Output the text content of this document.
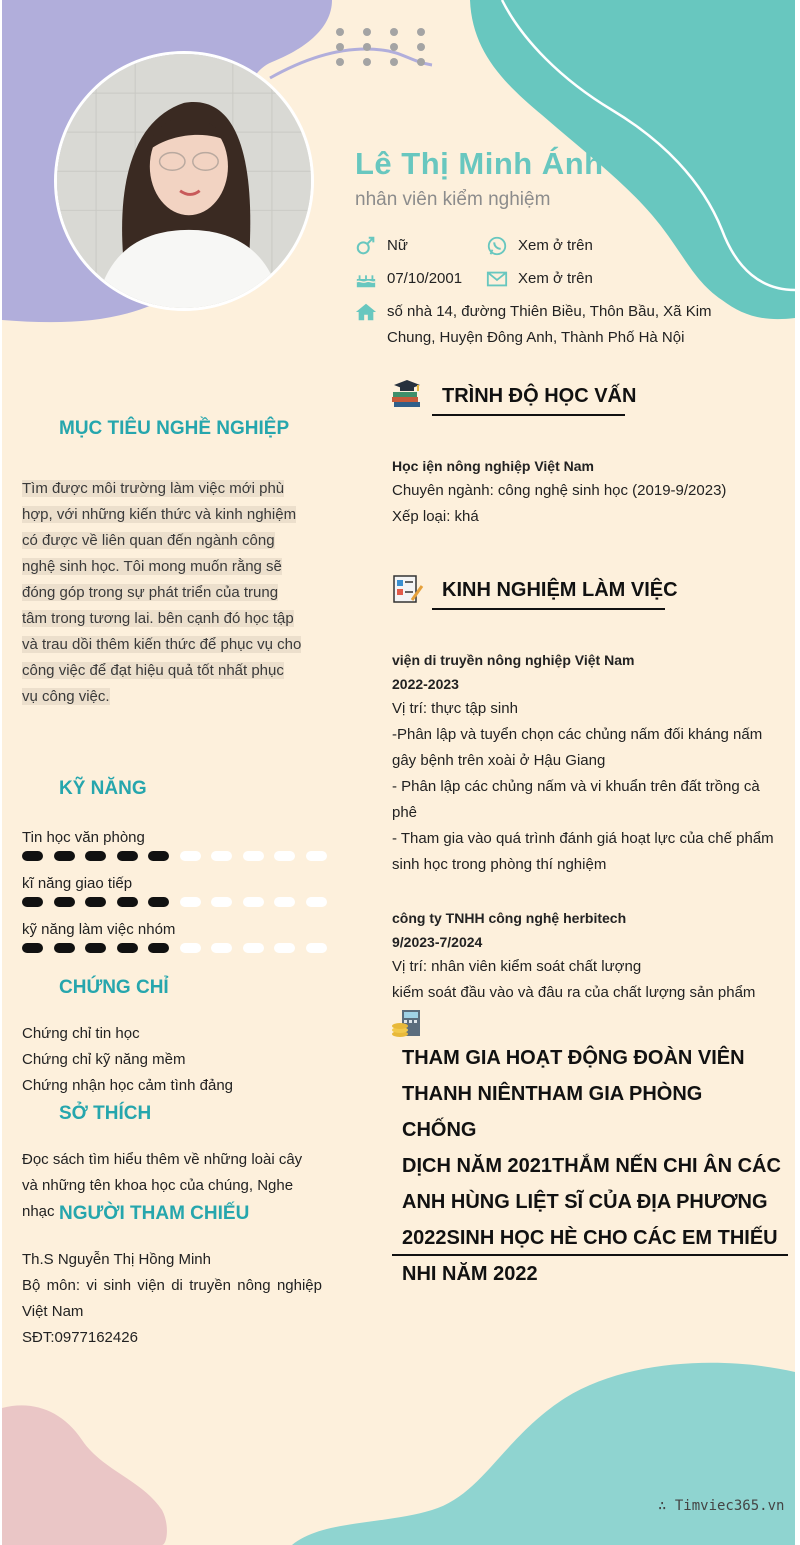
Lê Thị Minh Ánh
nhân viên kiểm nghiệm
Nữ	Xem ở trên
07/10/2001	Xem ở trên
số nhà 14, đường Thiên Biều, Thôn Bầu, Xã Kim Chung, Huyện Đông Anh, Thành Phố Hà Nội
MỤC TIÊU NGHỀ NGHIỆP
Tìm được môi trường làm việc mới phù
hợp, với những kiến thức và kinh nghiệm
có được về liên quan đến ngành công
nghệ sinh học. Tôi mong muốn rằng sẽ
đóng góp trong sự phát triển của trung
tâm trong tương lai. bên cạnh đó học tập
và trau dồi thêm kiến thức để phục vụ cho
công việc để đạt hiệu quả tốt nhất phục
vụ công việc.
KỸ NĂNG
Tin học văn phòng
kĩ năng giao tiếp
kỹ năng làm việc nhóm
CHỨNG CHỈ
Chứng chỉ tin học
Chứng chỉ kỹ năng mềm
Chứng nhận học cảm tình đảng
SỞ THÍCH
Đọc sách tìm hiểu thêm về những loài cây và những tên khoa học của chúng, Nghe nhạc NGƯỜI THAM CHIẾU
Th.S Nguyễn Thị Hồng Minh
Bộ môn: vi sinh viện di truyền nông nghiệp Việt Nam
SĐT:0977162426
TRÌNH ĐỘ HỌC VẤN
Học iện nông nghiệp Việt Nam
Chuyên ngành: công nghệ sinh học (2019-9/2023)
Xếp loại: khá
KINH NGHIỆM LÀM VIỆC
viện di truyền nông nghiệp Việt Nam
2022-2023
Vị trí: thực tập sinh
-Phân lập và tuyển chọn các chủng nấm đối kháng nấm
gây bệnh trên xoài ở Hậu Giang
- Phân lập các chủng nấm và vi khuẩn trên đất trồng cà
phê
- Tham gia vào quá trình đánh giá hoạt lực của chế phẩm
sinh học trong phòng thí nghiệm
công ty TNHH công nghệ herbitech
9/2023-7/2024
Vị trí: nhân viên kiểm soát chất lượng
kiểm soát đầu vào và đâu ra của chất lượng sản phẩm
THAM GIA HOẠT ĐỘNG ĐOÀN VIÊN
THANH NIÊNTHAM GIA PHÒNG CHỐNG
DỊCH NĂM 2021THẮM NẾN CHI ÂN CÁC
ANH HÙNG LIỆT SĨ CỦA ĐỊA PHƯƠNG
2022SINH HỌC HÈ CHO CÁC EM THIẾU
NHI NĂM 2022
∴ Timviec365.vn
